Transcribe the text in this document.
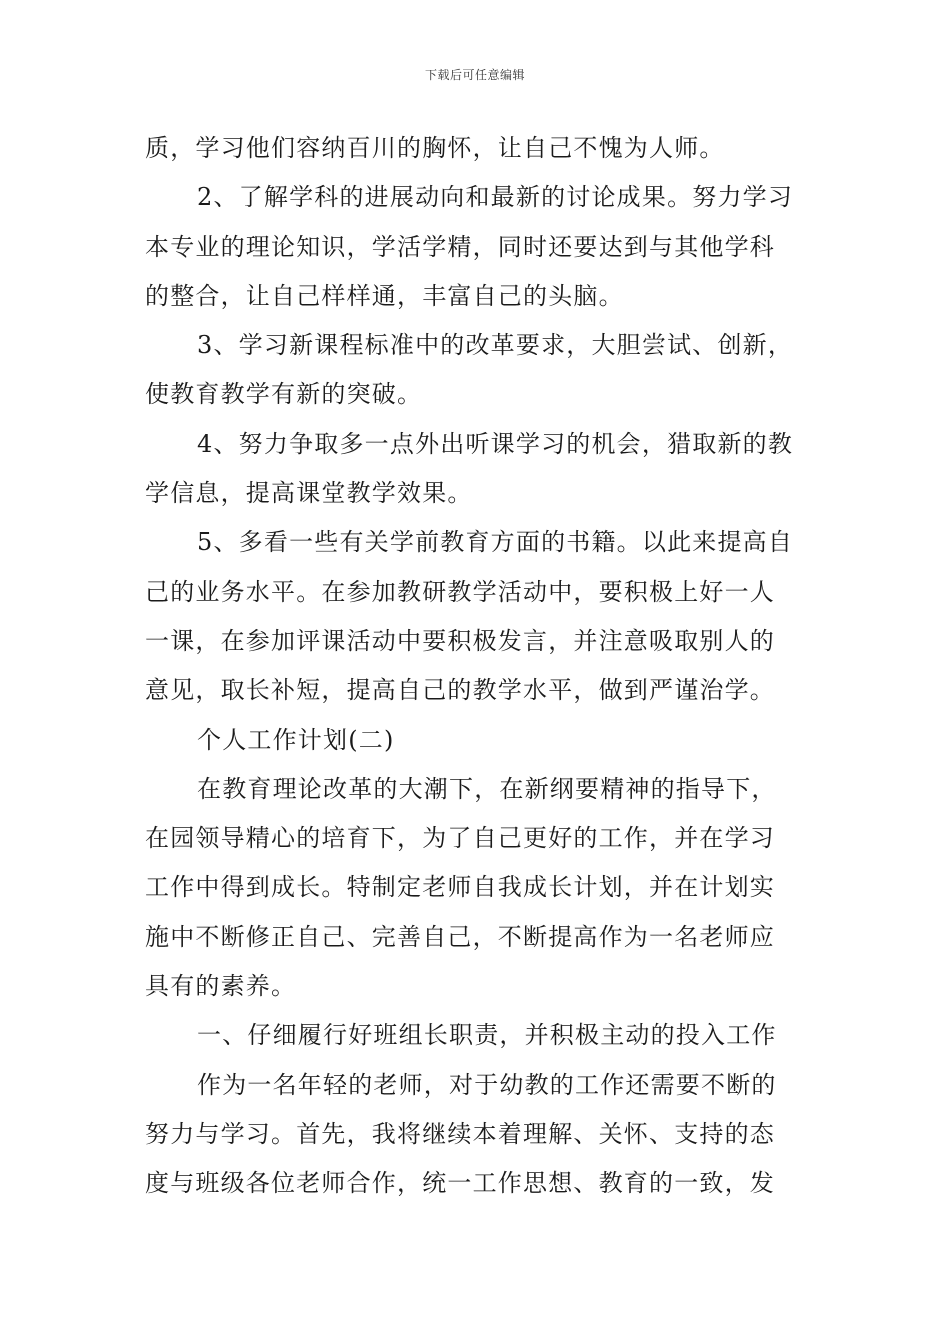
下载后可任意编辑
质，学习他们容纳百川的胸怀，让自己不愧为人师。
2、了解学科的进展动向和最新的讨论成果。努力学习
本专业的理论知识，学活学精，同时还要达到与其他学科
的整合，让自己样样通，丰富自己的头脑。
3、学习新课程标准中的改革要求，大胆尝试、创新，
使教育教学有新的突破。
4、努力争取多一点外出听课学习的机会，猎取新的教
学信息，提高课堂教学效果。
5、多看一些有关学前教育方面的书籍。以此来提高自
己的业务水平。在参加教研教学活动中，要积极上好一人
一课，在参加评课活动中要积极发言，并注意吸取别人的
意见，取长补短，提高自己的教学水平，做到严谨治学。
个人工作计划(二)
在教育理论改革的大潮下，在新纲要精神的指导下，
在园领导精心的培育下，为了自己更好的工作，并在学习
工作中得到成长。特制定老师自我成长计划，并在计划实
施中不断修正自己、完善自己，不断提高作为一名老师应
具有的素养。
一、仔细履行好班组长职责，并积极主动的投入工作
作为一名年轻的老师，对于幼教的工作还需要不断的
努力与学习。首先，我将继续本着理解、关怀、支持的态
度与班级各位老师合作，统一工作思想、教育的一致，发
